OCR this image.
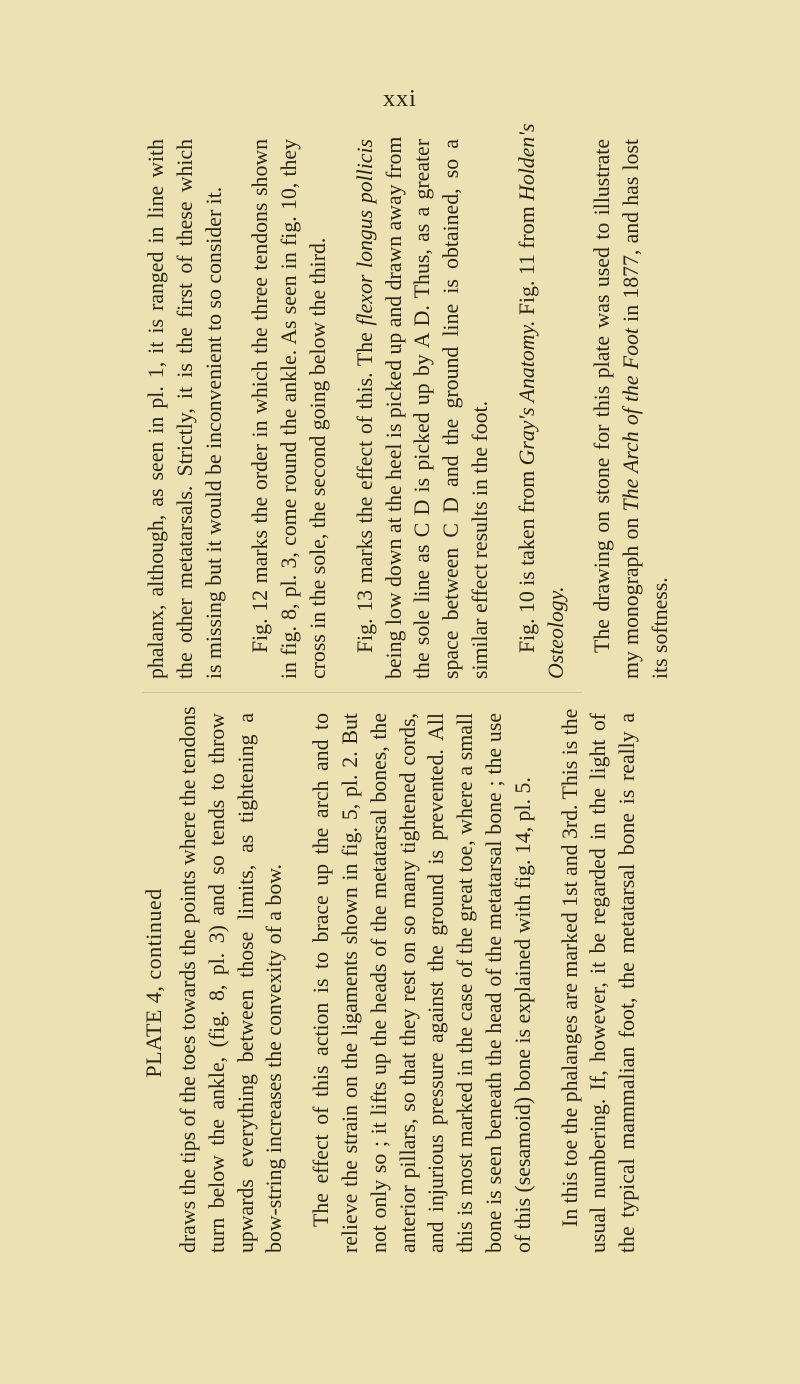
xxi
PLATE 4, continued draws the tips of the toes towards the points where the tendons turn below the ankle, (fig. 8, pl. 3) and so tends to throw upwards everything between those limits, as tightening a bow-string increases the convexity of a bow. The effect of this action is to brace up the arch and to relieve the strain on the ligaments shown in fig. 5, pl. 2. But not only so ; it lifts up the heads of the metatarsal bones, the anterior pillars, so that they rest on so many tightened cords, and injurious pressure against the ground is prevented. All this is most marked in the case of the great toe, where a small bone is seen beneath the head of the metatarsal bone ; the use of this (sesamoid) bone is explained with fig. 14, pl. 5. In this toe the phalanges are marked 1st and 3rd. This is the usual numbering. If, however, it be regarded in the light of the typical mammalian foot, the metatarsal bone is really a

phalanx, although, as seen in pl. 1, it is ranged in line with the other metatarsals. Strictly, it is the first of these which is missing but it would be inconvenient to so consider it. Fig. 12 marks the order in which the three tendons shown in fig. 8, pl. 3, come round the ankle. As seen in fig. 10, they cross in the sole, the second going below the third. Fig. 13 marks the effect of this. The flexor longus pollicis being low down at the heel is picked up and drawn away from the sole line as C D is picked up by A D. Thus, as a greater space between C D and the ground line is obtained, so a similar effect results in the foot. Fig. 10 is taken from Gray's Anatomy. Fig. 11 from Holden's
Osteology. The drawing on stone for this plate was used to illustrate my monograph on The Arch of the Foot in 1877, and has lost
its softness.
